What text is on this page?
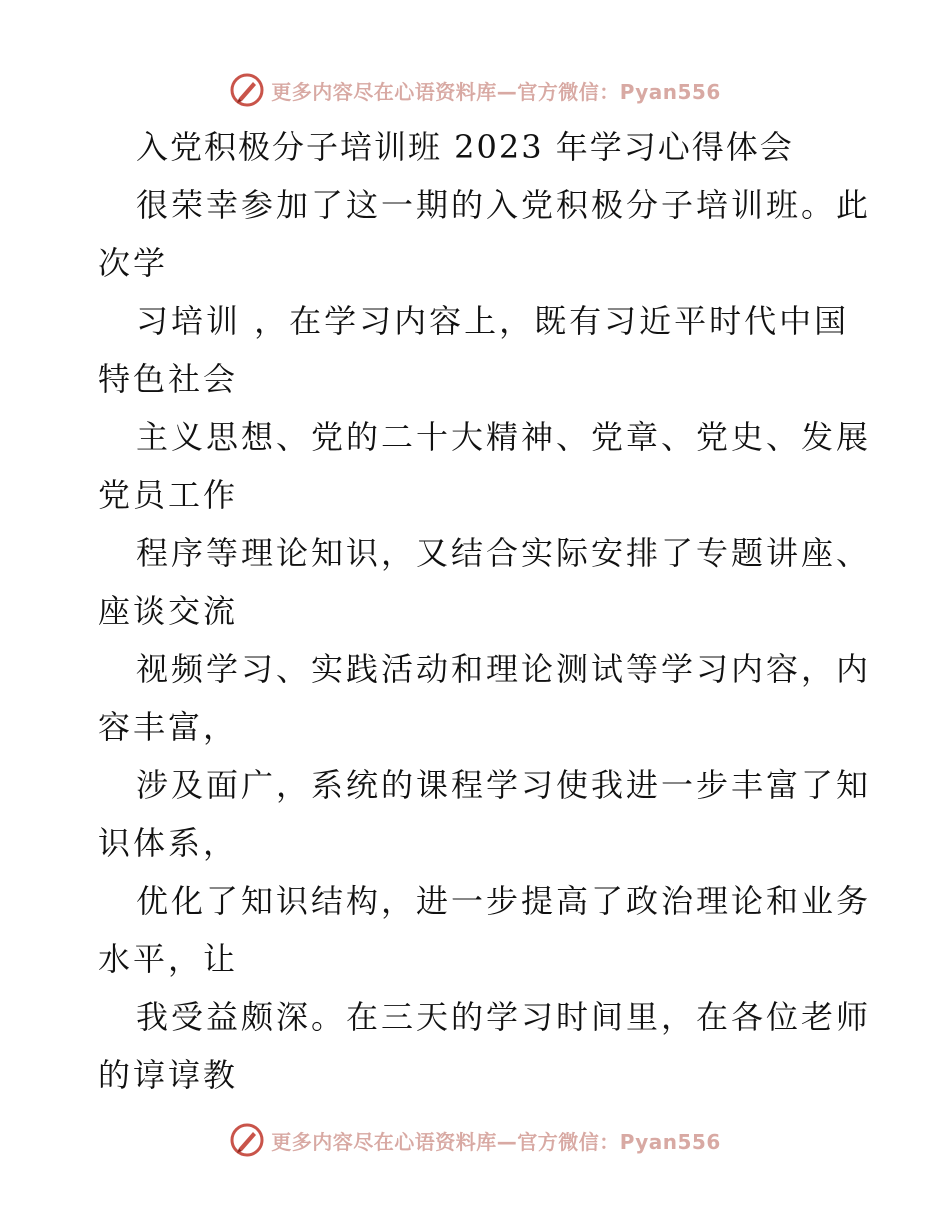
更多内容尽在心语资料库—官方微信：Pyan556
入党积极分子培训班 2023 年学习心得体会
很荣幸参加了这一期的入党积极分子培训班。此
次学
习培训 ，在学习内容上，既有习近平时代中国
特色社会
主义思想、党的二十大精神、党章、党史、发展
党员工作
程序等理论知识，又结合实际安排了专题讲座、
座谈交流
视频学习、实践活动和理论测试等学习内容，内
容丰富，
涉及面广，系统的课程学习使我进一步丰富了知
识体系，
优化了知识结构，进一步提高了政治理论和业务
水平，让
我受益颇深。在三天的学习时间里，在各位老师
的谆谆教
更多内容尽在心语资料库—官方微信：Pyan556
